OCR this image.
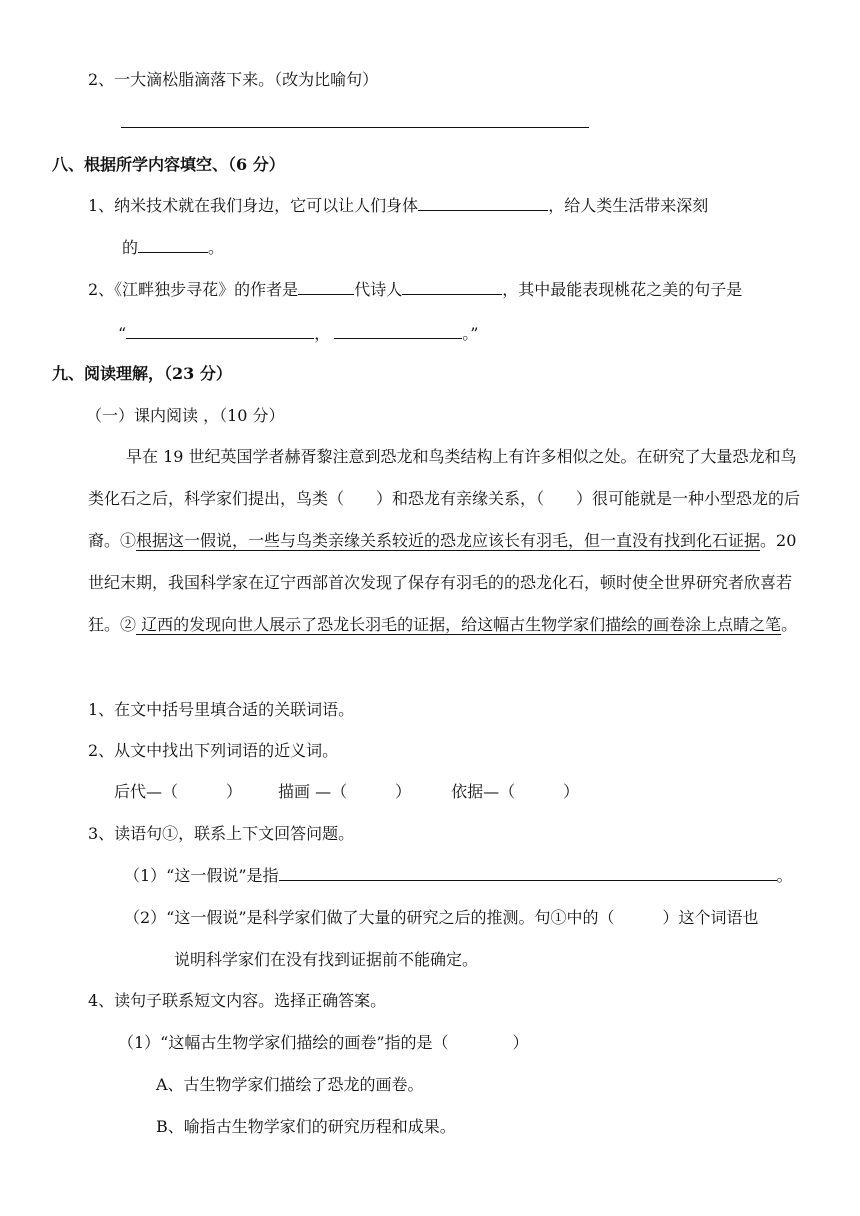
2、一大滴松脂滴落下来。（改为比喻句）
八、根据所学内容填空、（6 分）
1、纳米技术就在我们身边，它可以让人们身体	，给人类生活带来深刻
的	。
2、《江畔独步寻花》的作者是	代诗人	，其中最能表现桃花之美的句子是
“	，	。”
九、阅读理解，（23 分）
（一）课内阅读 ，（10 分）
早在 19 世纪英国学者赫胥黎注意到恐龙和鸟类结构上有许多相似之处。在研究了大量恐龙和鸟类化石之后，科学家们提出，鸟类（　　）和恐龙有亲缘关系，（　　）很可能就是一种小型恐龙的后裔。①根据这一假说，一些与鸟类亲缘关系较近的恐龙应该长有羽毛，但一直没有找到化石证据。20 世纪末期，我国科学家在辽宁西部首次发现了保存有羽毛的的恐龙化石，顿时使全世界研究者欣喜若狂。② 辽西的发现向世人展示了恐龙长羽毛的证据，给这幅古生物学家们描绘的画卷涂上点睛之笔。
1、在文中括号里填合适的关联词语。
2、从文中找出下列词语的近义词。
后代—（　　　） 描画 —（　　　）	依据—（　　　）
3、读语句①，联系上下文回答问题。
（1）“这一假说”是指	。
（2）“这一假说”是科学家们做了大量的研究之后的推测。句①中的（　　　）这个词语也
说明科学家们在没有找到证据前不能确定。
4、读句子联系短文内容。选择正确答案。
（1）“这幅古生物学家们描绘的画卷”指的是（　　　　）
A、古生物学家们描绘了恐龙的画卷。
B、喻指古生物学家们的研究历程和成果。
